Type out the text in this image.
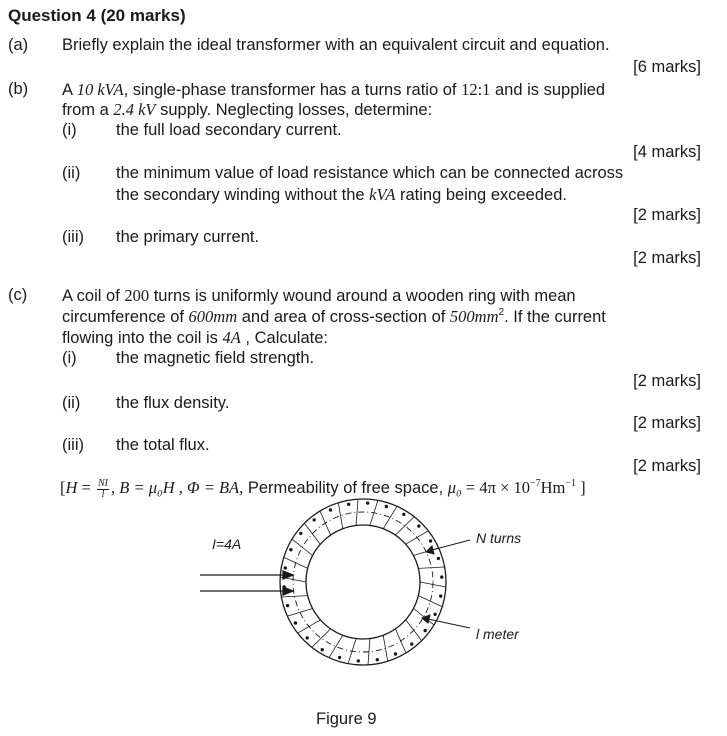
Question 4 (20 marks)
(a) Briefly explain the ideal transformer with an equivalent circuit and equation.
[6 marks]
(b) A 10 kVA, single-phase transformer has a turns ratio of 12:1 and is supplied
from a 2.4 kV supply. Neglecting losses, determine:
(i) the full load secondary current.
[4 marks]
(ii) the minimum value of load resistance which can be connected across
the secondary winding without the kVA rating being exceeded.
[2 marks]
(iii) the primary current.
[2 marks]
(c) A coil of 200 turns is uniformly wound around a wooden ring with mean
circumference of 600mm and area of cross-section of $500mm^2$. If the current
flowing into the coil is 4A , Calculate:
(i) the magnetic field strength.
[2 marks]
(ii) the flux density.
[2 marks]
(iii) the total flux.
[2 marks]
[$H = \frac{NI}{l}$ , B = μ₀H , Φ = BA, Permeability of free space, $\mu_0 = 4\pi \times 10^{-7}Hm^{-1}$ ]
I=4A	N turns
l meter
Figure 9
